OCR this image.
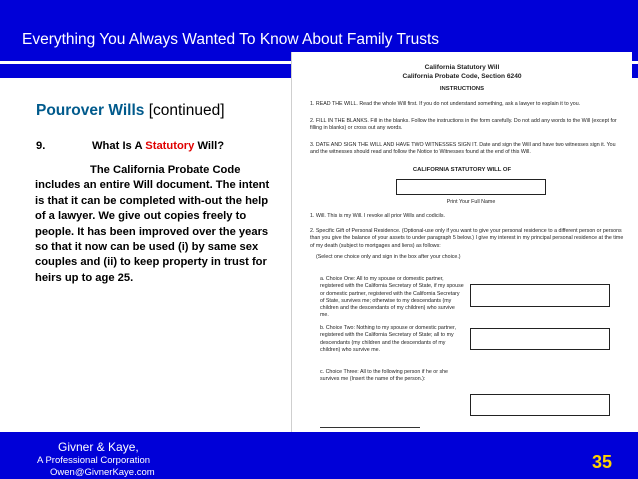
Everything You Always Wanted To Know About Family Trusts
Pourover Wills [continued]
9.	What Is A Statutory Will?
The California Probate Code includes an entire Will document. The intent is that it can be completed with-out the help of a lawyer. We give out copies freely to people. It has been improved over the years so that it now can be used (i) by same sex couples and (ii) to keep property in trust for heirs up to age 25.
California Statutory Will
California Probate Code, Section 6240
INSTRUCTIONS
1. READ THE WILL. Read the whole Will first. If you do not understand something, ask a lawyer to explain it to you.
2. FILL IN THE BLANKS. Fill in the blanks. Follow the instructions in the form carefully. Do not add any words to the Will (except for filling in blanks) or cross out any words.
3. DATE AND SIGN THE WILL AND HAVE TWO WITNESSES SIGN IT. Date and sign the Will and have two witnesses sign it. You and the witnesses should read and follow the Notice to Witnesses found at the end of this Will.
CALIFORNIA STATUTORY WILL OF
Print Your Full Name
1. Will. This is my Will. I revoke all prior Wills and codicils.
2. Specific Gift of Personal Residence. (Optional-use only if you want to give your personal residence to a different person or persons than you give the balance of your assets to under paragraph 5 below.) I give my interest in my principal personal residence at the time of my death (subject to mortgages and liens) as follows:
(Select one choice only and sign in the box after your choice.)
a. Choice One: All to my spouse or domestic partner, registered with the California Secretary of State, if my spouse or domestic partner, registered with the California Secretary of State, survives me; otherwise to my descendants (my children and the descendants of my children) who survive me.
b. Choice Two: Nothing to my spouse or domestic partner, registered with the California Secretary of State; all to my descendants (my children and the descendants of my children) who survive me.
c. Choice Three: All to the following person if he or she survives me (Insert the name of the person.):
Givner & Kaye,
A Professional Corporation
Owen@GivnerKaye.com
35
